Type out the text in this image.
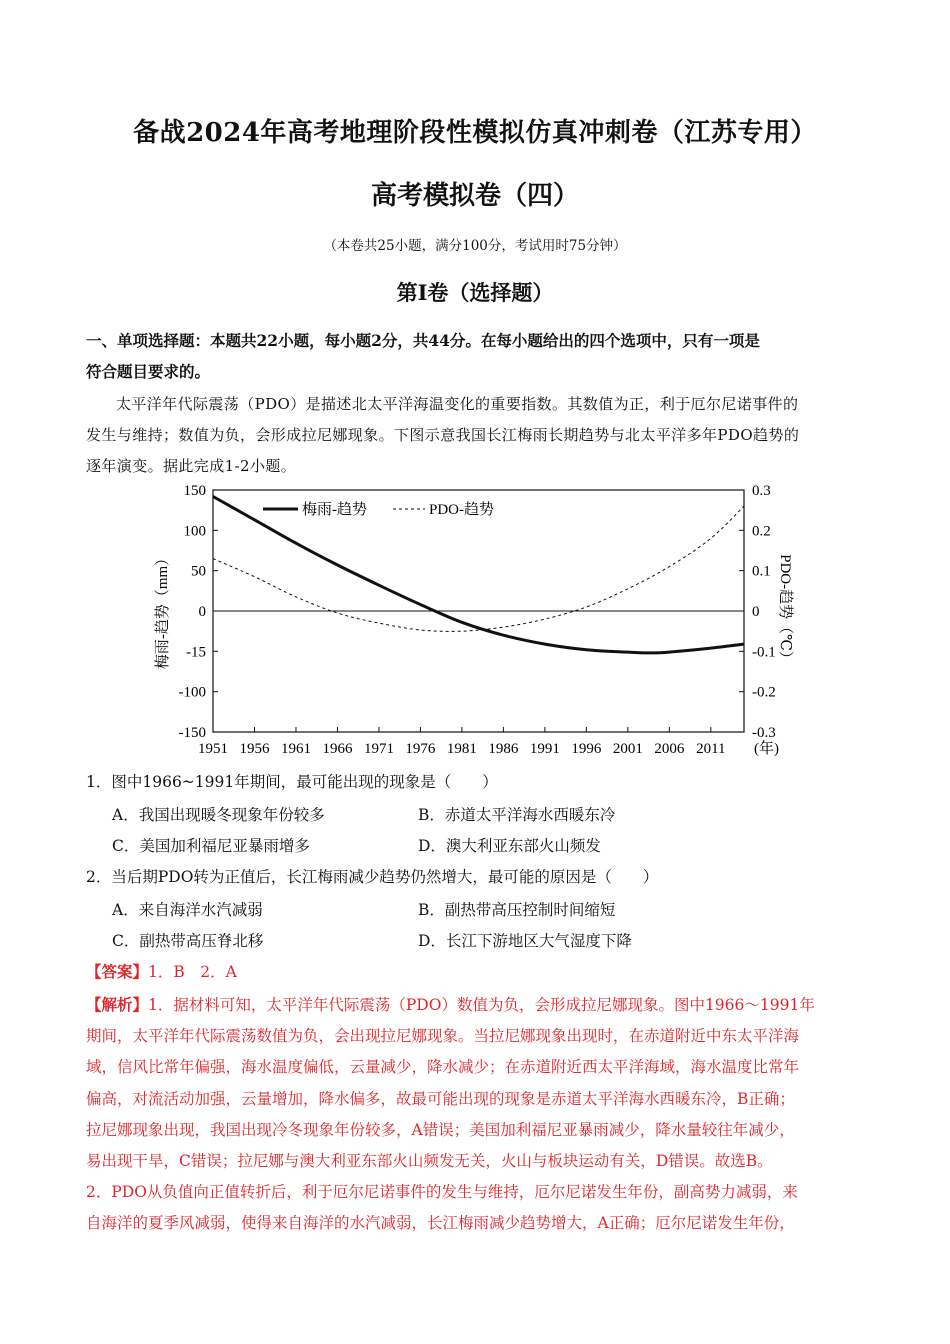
备战2024年高考地理阶段性模拟仿真冲刺卷（江苏专用）
高考模拟卷（四）
（本卷共25小题，满分100分，考试用时75分钟）
第I卷（选择题）
一、单项选择题：本题共22小题，每小题2分，共44分。在每小题给出的四个选项中，只有一项是
符合题目要求的。
太平洋年代际震荡（PDO）是描述北太平洋海温变化的重要指数。其数值为正，利于厄尔尼诺事件的
发生与维持；数值为负，会形成拉尼娜现象。下图示意我国长江梅雨长期趋势与北太平洋多年PDO趋势的
逐年演变。据此完成1-2小题。
150
100
50
0
-15
-100
-150
0.3
0.2
0.1
0
-0.1
-0.2
-0.3
1951 1956 1961 1966 1971 1976 1981 1986 1991 1996 2001 2006 2011
梅雨-趋势	PDO-趋势
梅雨-趋势（mm）	PDO-趋势（℃）
(年)
1．图中1966~1991年期间，最可能出现的现象是（　　）
A．我国出现暖冬现象年份较多	B．赤道太平洋海水西暖东冷
C．美国加利福尼亚暴雨增多	D．澳大利亚东部火山频发
2．当后期PDO转为正值后，长江梅雨减少趋势仍然增大，最可能的原因是（　　）
A．来自海洋水汽减弱	B．副热带高压控制时间缩短
C．副热带高压脊北移	D．长江下游地区大气湿度下降
【答案】1．B　2．A
【解析】1．据材料可知，太平洋年代际震荡（PDO）数值为负，会形成拉尼娜现象。图中1966～1991年
期间，太平洋年代际震荡数值为负，会出现拉尼娜现象。当拉尼娜现象出现时，在赤道附近中东太平洋海
域，信风比常年偏强，海水温度偏低，云量减少，降水减少；在赤道附近西太平洋海域，海水温度比常年
偏高，对流活动加强，云量增加，降水偏多，故最可能出现的现象是赤道太平洋海水西暖东冷，B正确；
拉尼娜现象出现，我国出现冷冬现象年份较多，A错误；美国加利福尼亚暴雨减少，降水量较往年减少，
易出现干旱，C错误；拉尼娜与澳大利亚东部火山频发无关，火山与板块运动有关，D错误。故选B。
2．PDO从负值向正值转折后，利于厄尔尼诺事件的发生与维持，厄尔尼诺发生年份，副高势力减弱，来
自海洋的夏季风减弱，使得来自海洋的水汽减弱，长江梅雨减少趋势增大，A正确；厄尔尼诺发生年份，
